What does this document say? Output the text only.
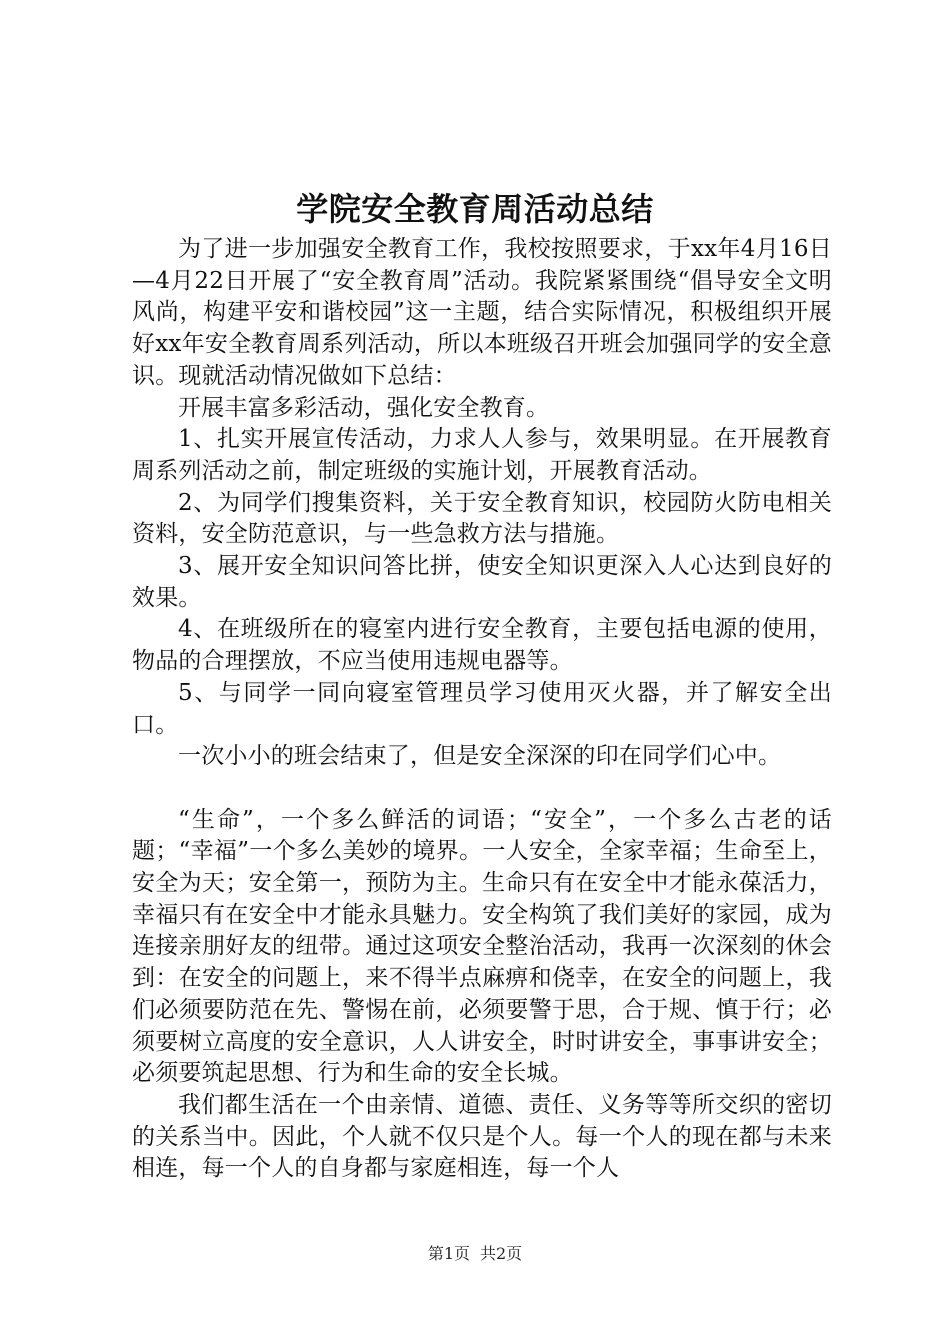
学院安全教育周活动总结

为了进一步加强安全教育工作，我校按照要求，于xx年4月16日—4月22日开展了“安全教育周”活动。我院紧紧围绕“倡导安全文明风尚，构建平安和谐校园”这一主题，结合实际情况，积极组织开展好xx年安全教育周系列活动，所以本班级召开班会加强同学的安全意识。现就活动情况做如下总结：

开展丰富多彩活动，强化安全教育。

1、扎实开展宣传活动，力求人人参与，效果明显。在开展教育周系列活动之前，制定班级的实施计划，开展教育活动。

2、为同学们搜集资料，关于安全教育知识，校园防火防电相关资料，安全防范意识，与一些急救方法与措施。

3、展开安全知识问答比拼，使安全知识更深入人心达到良好的效果。

4、在班级所在的寝室内进行安全教育，主要包括电源的使用，物品的合理摆放，不应当使用违规电器等。

5、与同学一同向寝室管理员学习使用灭火器，并了解安全出口。

一次小小的班会结束了，但是安全深深的印在同学们心中。

“生命”，一个多么鲜活的词语；“安全”，一个多么古老的话题；“幸福”一个多么美妙的境界。一人安全，全家幸福；生命至上，安全为天；安全第一，预防为主。生命只有在安全中才能永葆活力，幸福只有在安全中才能永具魅力。安全构筑了我们美好的家园，成为连接亲朋好友的纽带。通过这项安全整治活动，我再一次深刻的休会到：在安全的问题上，来不得半点麻痹和侥幸，在安全的问题上，我们必须要防范在先、警惕在前，必须要警于思，合于规、慎于行；必须要树立高度的安全意识，人人讲安全，时时讲安全，事事讲安全；必须要筑起思想、行为和生命的安全长城。

我们都生活在一个由亲情、道德、责任、义务等等所交织的密切的关系当中。因此，个人就不仅只是个人。每一个人的现在都与未来相连，每一个人的自身都与家庭相连，每一个人

第1页 共2页
